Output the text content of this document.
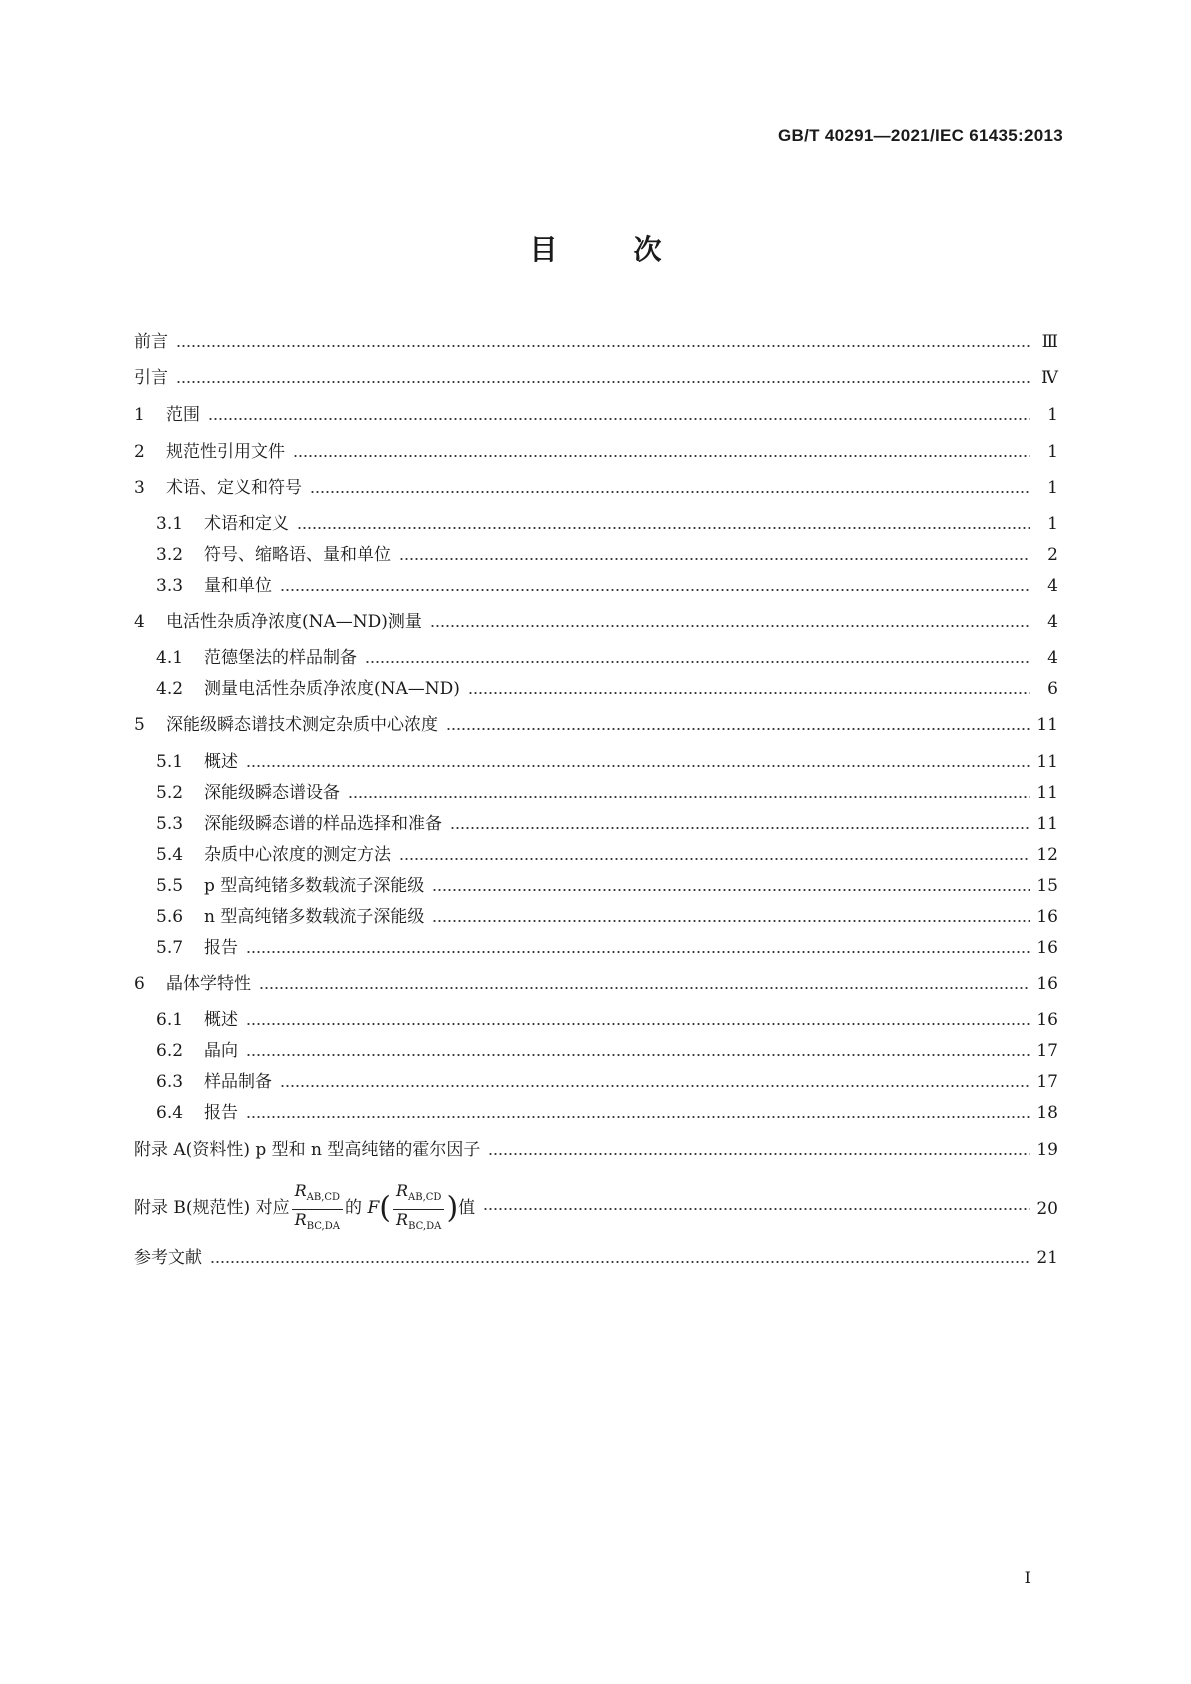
GB/T 40291—2021/IEC 61435:2013
目	次
前言	Ⅲ
引言	Ⅳ
1	范围	1
2	规范性引用文件	1
3	术语、定义和符号	1
3.1	术语和定义	1
3.2	符号、缩略语、量和单位	2
3.3	量和单位	4
4	电活性杂质净浓度(NA—ND)测量	4
4.1	范德堡法的样品制备	4
4.2	测量电活性杂质净浓度(NA—ND)	6
5	深能级瞬态谱技术测定杂质中心浓度	11
5.1	概述	11
5.2	深能级瞬态谱设备	11
5.3	深能级瞬态谱的样品选择和准备	11
5.4	杂质中心浓度的测定方法	12
5.5	p 型高纯锗多数载流子深能级	15
5.6	n 型高纯锗多数载流子深能级	16
5.7	报告	16
6	晶体学特性	16
6.1	概述	16
6.2	晶向	17
6.3	样品制备	17
6.4	报告	18
附录 A(资料性) p 型和 n 型高纯锗的霍尔因子	19
附录 B(规范性) 对应 $\frac{R_{AB,CD}}{R_{BC,DA}}$ 的 $F( \frac{R_{AB,CD}}{R_{BC,DA}}$ )值	20
参考文献	21
I
